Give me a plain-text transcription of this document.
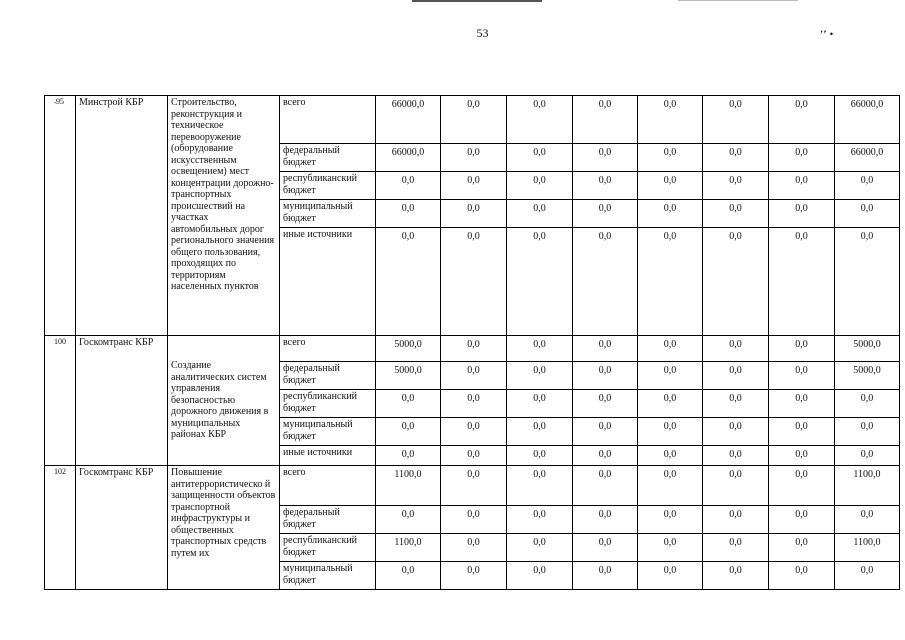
53	’’ •
- 95	Минстрой КБР	Строительство, реконструкция и техническое перевооружение (оборудование искусственным освещением) мест концентрации дорожно-транспортных происшествий на участках автомобильных дорог регионального значения общего пользования, проходящих по территориям населенных пунктов	всего	66000,0	0,0	0,0	0,0	0,0	0,0	0,0	66000,0

			федеральный бюджет	66000,0	0,0	0,0	0,0	0,0	0,0	0,0	66000,0

			республиканский бюджет	0,0	0,0	0,0	0,0	0,0	0,0	0,0	0,0

			муниципальный бюджет	0,0	0,0	0,0	0,0	0,0	0,0	0,0	0,0

			иные источники	0,0	0,0	0,0	0,0	0,0	0,0	0,0	0,0

100	Госкомтранс КБР	Создание аналитических систем управления безопасностью дорожного движения в муниципальных районах КБР	всего	5000,0	0,0	0,0	0,0	0,0	0,0	0,0	5000,0

			федеральный бюджет	5000,0	0,0	0,0	0,0	0,0	0,0	0,0	5000,0

			республиканский бюджет	0,0	0,0	0,0	0,0	0,0	0,0	0,0	0,0

			муниципальный бюджет	0,0	0,0	0,0	0,0	0,0	0,0	0,0	0,0

			иные источники	0,0	0,0	0,0	0,0	0,0	0,0	0,0	0,0

102	Госкомтранс КБР	Повышение антитеррористическо й защищенности объектов транспортной инфраструктуры и общественных транспортных средств путем их	всего	1100,0	0,0	0,0	0,0	0,0	0,0	0,0	1100,0

			федеральный бюджет	0,0	0,0	0,0	0,0	0,0	0,0	0,0	0,0

			республиканский бюджет	1100,0	0,0	0,0	0,0	0,0	0,0	0,0	1100,0

			муниципальный бюджет	0,0	0,0	0,0	0,0	0,0	0,0	0,0	0,0
